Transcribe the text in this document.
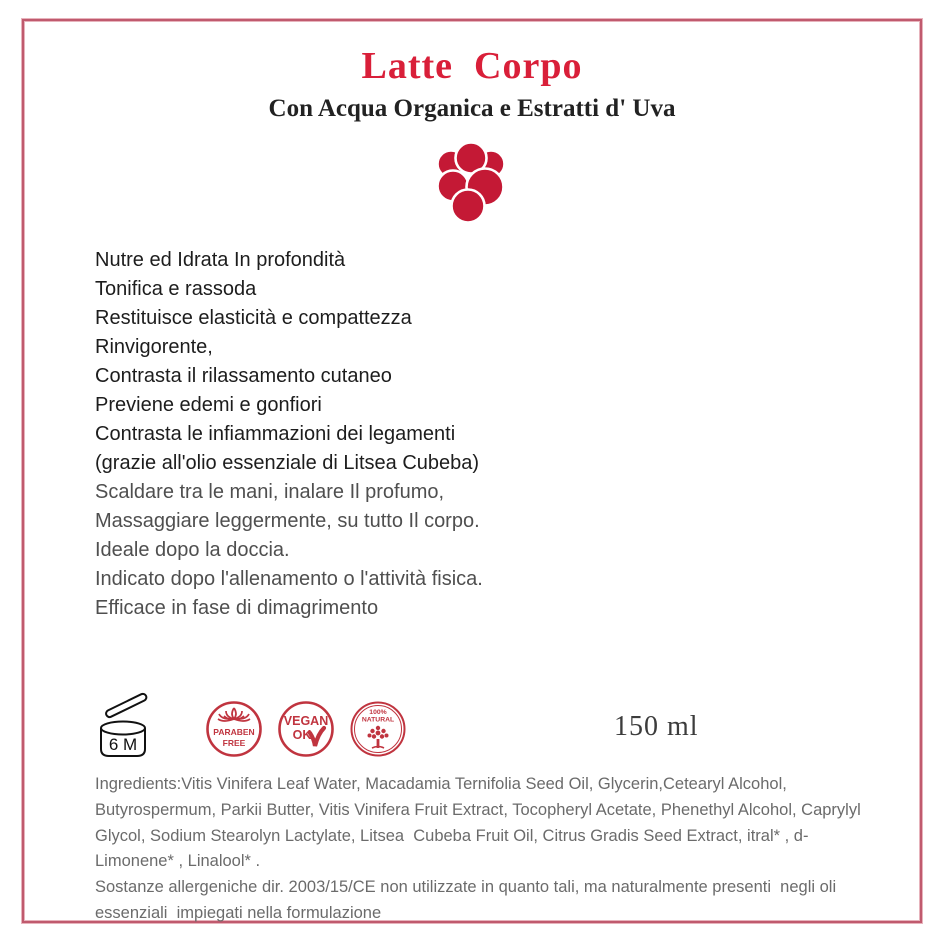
Latte  Corpo
Con Acqua Organica e Estratti d' Uva
Nutre ed Idrata In profondità
Tonifica e rassoda
Restituisce elasticità e compattezza
Rinvigorente,
Contrasta il rilassamento cutaneo
Previene edemi e gonfiori
Contrasta le infiammazioni dei legamenti
(grazie all'olio essenziale di Litsea Cubeba)
Scaldare tra le mani, inalare Il profumo,
Massaggiare leggermente, su tutto Il corpo.
Ideale dopo la doccia.
Indicato dopo l'allenamento o l'attività fisica.
Efficace in fase di dimagrimento
6 M
PARABEN
FREE
VEGAN
OK
100%
NATURAL	150 ml
Ingredients:Vitis Vinifera Leaf Water, Macadamia Ternifolia Seed Oil, Glycerin,Cetearyl Alcohol,
Butyrospermum, Parkii Butter, Vitis Vinifera Fruit Extract, Tocopheryl Acetate, Phenethyl Alcohol, Caprylyl
Glycol, Sodium Stearolyn Lactylate, Litsea  Cubeba Fruit Oil, Citrus Gradis Seed Extract, itral* , d-
Limonene* , Linalool* .
Sostanze allergeniche dir. 2003/15/CE non utilizzate in quanto tali, ma naturalmente presenti  negli oli
essenziali  impiegati nella formulazione
